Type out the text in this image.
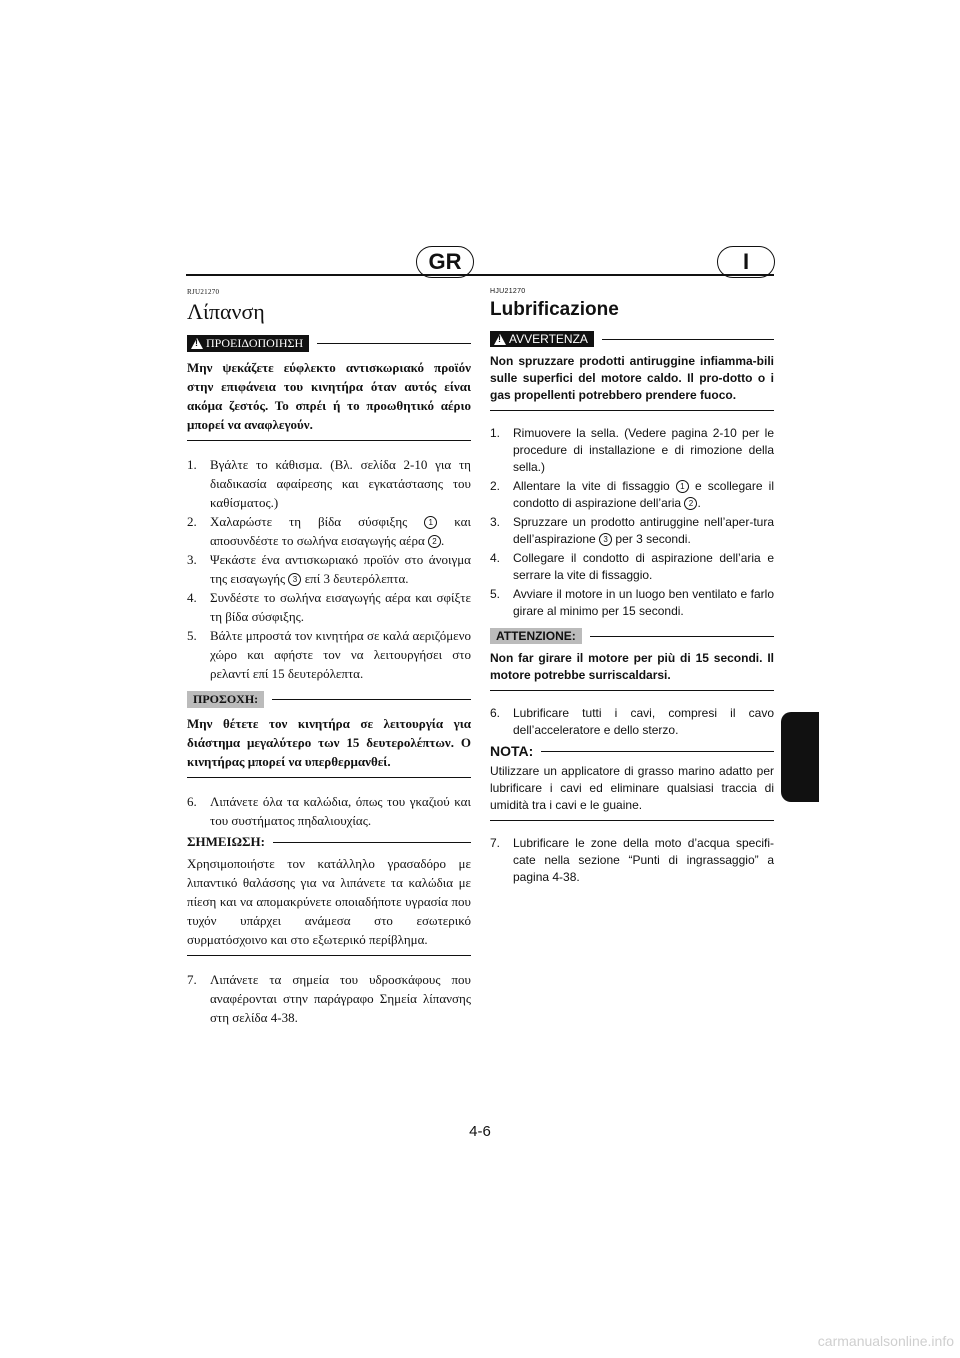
GR	I
RJU21270
Λίπανση
!
ΠΡΟΕΙΔΟΠΟΙΗΣΗ
Μην ψεκάζετε εύφλεκτο αντισκωριακό προϊόν στην επιφάνεια του κινητήρα όταν αυτός είναι ακόμα ζεστός. Το σπρέι ή το προωθητικό αέριο μπορεί να αναφλεγούν.
1. Βγάλτε το κάθισμα. (Βλ. σελίδα 2-10 για τη διαδικασία αφαίρεσης και εγκατάστασης του καθίσματος.)
2. Χαλαρώστε τη βίδα σύσφιξης 1 και αποσυνδέστε το σωλήνα εισαγωγής αέρα 2 .
3. Ψεκάστε ένα αντισκωριακό προϊόν στο άνοιγμα της εισαγωγής 3 επί 3 δευτερόλεπτα.
4. Συνδέστε το σωλήνα εισαγωγής αέρα και σφίξτε τη βίδα σύσφιξης.
5. Βάλτε μπροστά τον κινητήρα σε καλά αεριζόμενο χώρο και αφήστε τον να λειτουργήσει στο ρελαντί επί 15 δευτερόλεπτα.
ΠΡΟΣΟΧΗ:
Μην θέτετε τον κινητήρα σε λειτουργία για διάστημα μεγαλύτερο των 15 δευτερολέπτων. Ο κινητήρας μπορεί να υπερθερμανθεί.
6. Λιπάνετε όλα τα καλώδια, όπως του γκαζιού και του συστήματος πηδαλιουχίας.
ΣΗΜΕΙΩΣΗ:
Χρησιμοποιήστε τον κατάλληλο γρασαδόρο με λιπαντικό θαλάσσης για να λιπάνετε τα καλώδια με πίεση και να απομακρύνετε οποιαδήποτε υγρασία που τυχόν υπάρχει ανάμεσα στο εσωτερικό συρματόσχοινο και στο εξωτερικό περίβλημα.
7. Λιπάνετε τα σημεία του υδροσκάφους που αναφέρονται στην παράγραφο Σημεία λίπανσης στη σελίδα 4-38.
HJU21270
Lubrificazione
!
AVVERTENZA
Non spruzzare prodotti antiruggine infiamma-bili sulle superfici del motore caldo. Il pro-dotto o i gas propellenti potrebbero prendere fuoco.
1. Rimuovere la sella. (Vedere pagina 2-10 per le procedure di installazione e di rimozione della sella.)
2. Allentare la vite di fissaggio 1 e scollegare il condotto di aspirazione dell’aria 2 .
3. Spruzzare un prodotto antiruggine nell’aper-tura dell’aspirazione 3 per 3 secondi.
4. Collegare il condotto di aspirazione dell’aria e serrare la vite di fissaggio.
5. Avviare il motore in un luogo ben ventilato e farlo girare al minimo per 15 secondi.
ATTENZIONE:
Non far girare il motore per più di 15 secondi. Il motore potrebbe surriscaldarsi.
6. Lubrificare tutti i cavi, compresi il cavo dell’acceleratore e dello sterzo.
NOTA:
Utilizzare un applicatore di grasso marino adatto per lubrificare i cavi ed eliminare qualsiasi traccia di umidità tra i cavi e le guaine.
7. Lubrificare le zone della moto d’acqua specifi-cate nella sezione “Punti di ingrassaggio” a pagina 4-38.
4-6
carmanualsonline.info
